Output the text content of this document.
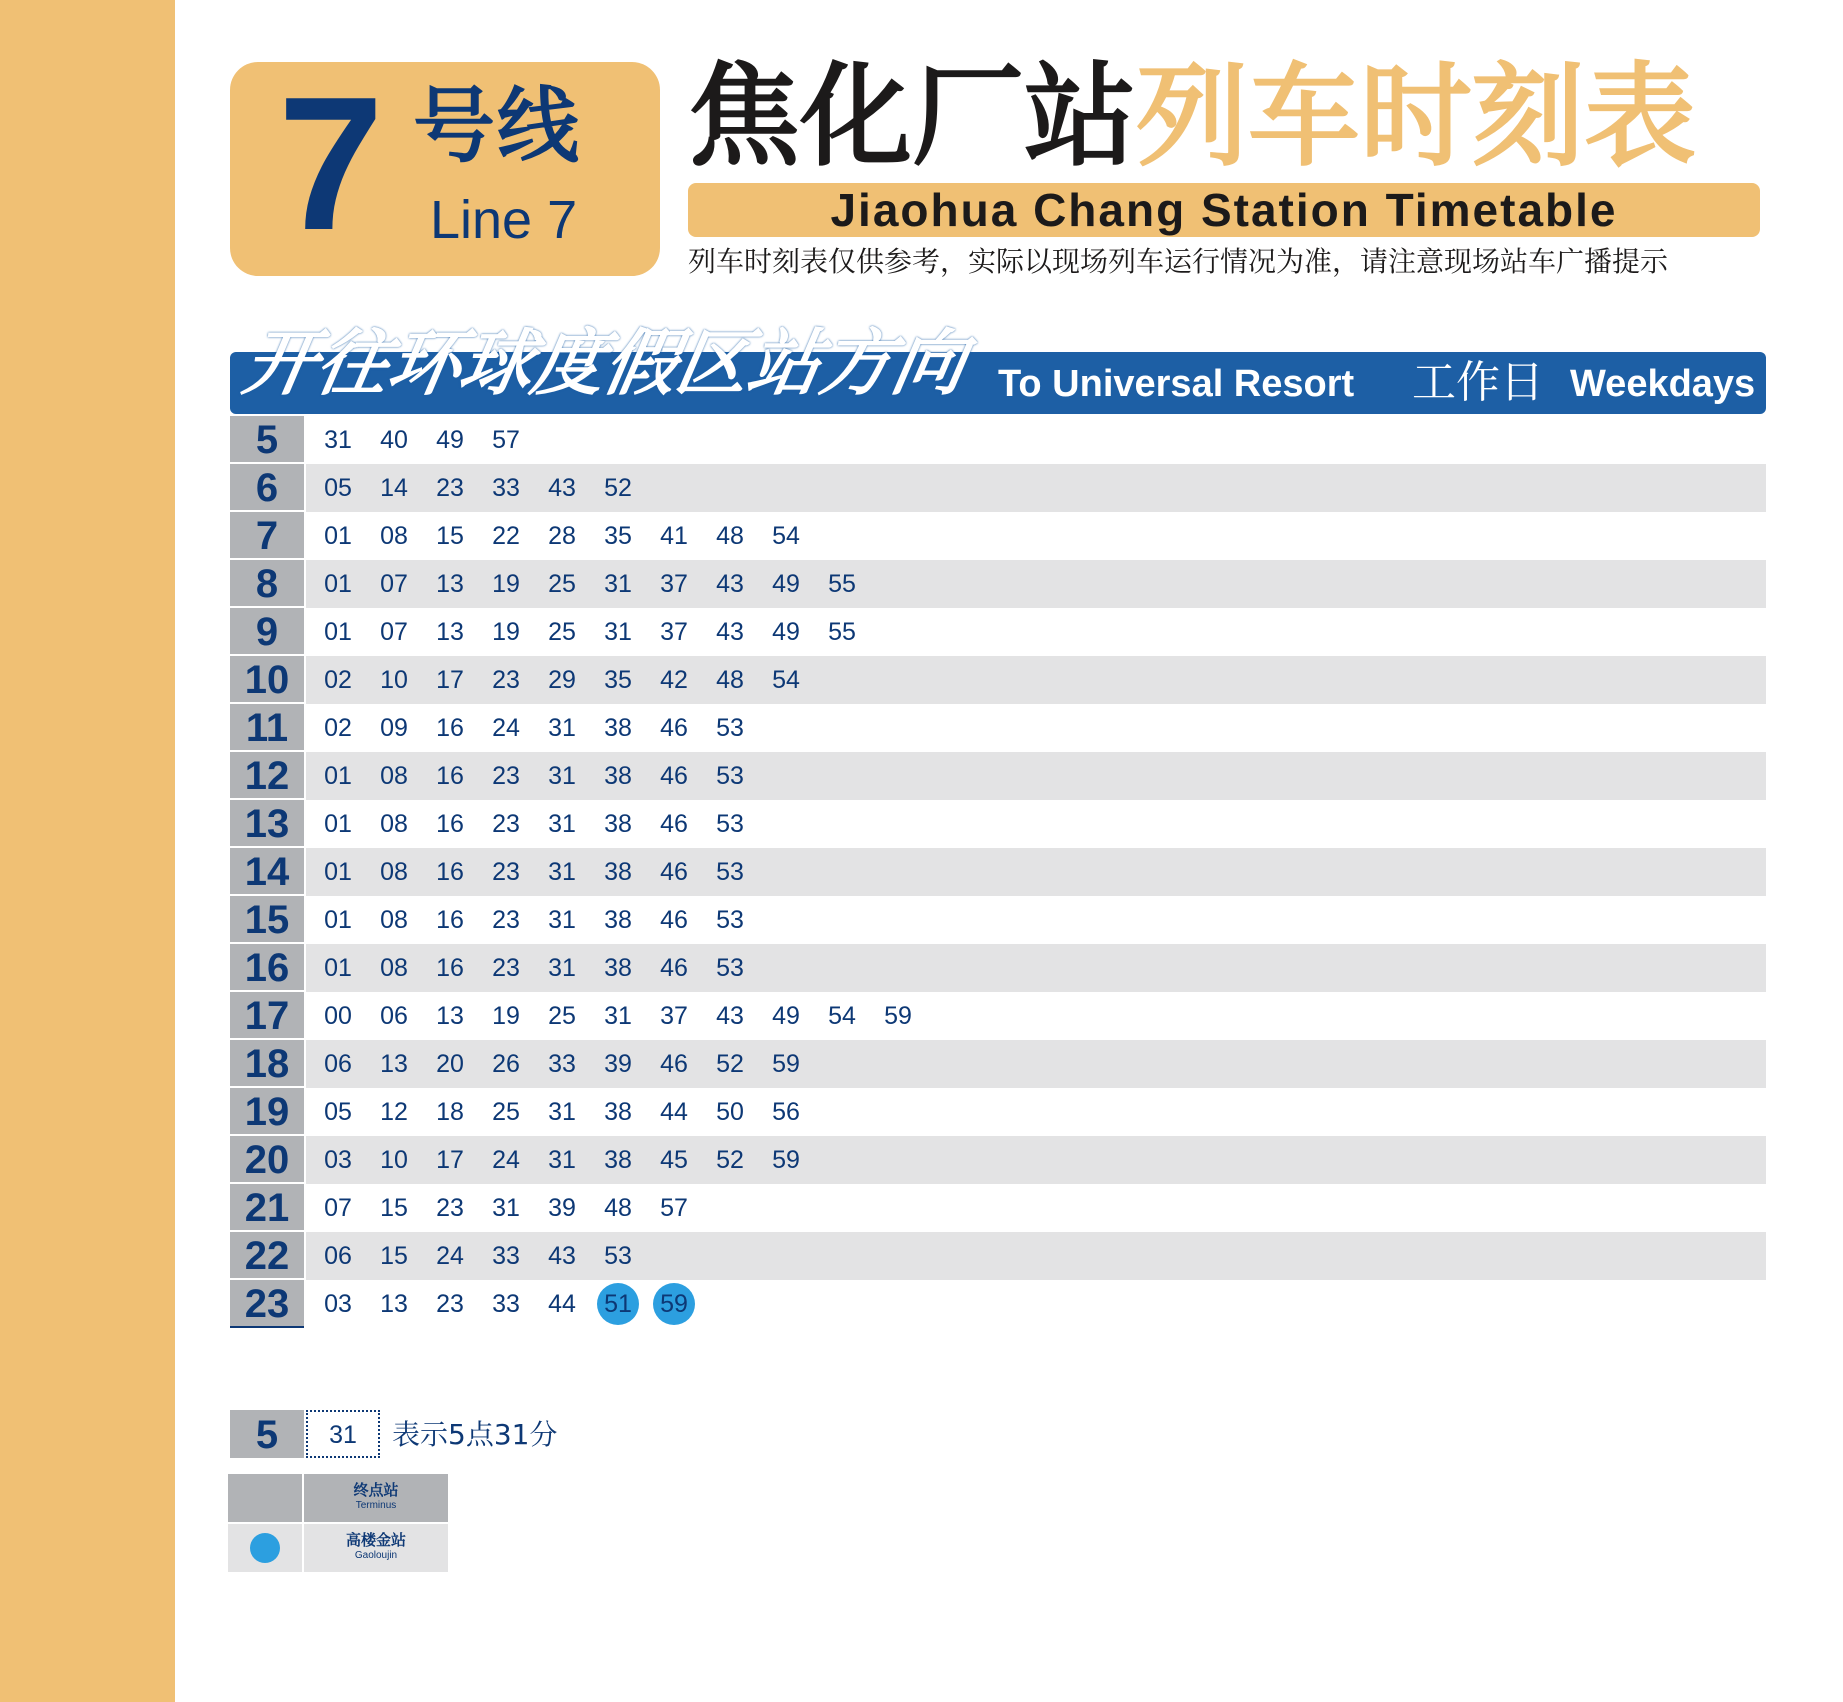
7 号线
Line 7
焦化厂站列车时刻表
Jiaohua Chang Station Timetable
列车时刻表仅供参考，实际以现场列车运行情况为准，请注意现场站车广播提示
开往环球度假区站方向 To Universal Resort 工作日 Weekdays
5	31	40	49	57
6	05	14	23	33	43	52
7	01	08	15	22	28	35	41	48	54
8	01	07	13	19	25	31	37	43	49	55
9	01	07	13	19	25	31	37	43	49	55
10	02	10	17	23	29	35	42	48	54
11	02	09	16	24	31	38	46	53
12	01	08	16	23	31	38	46	53
13	01	08	16	23	31	38	46	53
14	01	08	16	23	31	38	46	53
15	01	08	16	23	31	38	46	53
16	01	08	16	23	31	38	46	53
17	00	06	13	19	25	31	37	43	49	54	59
18	06	13	20	26	33	39	46	52	59
19	05	12	18	25	31	38	44	50	56
20	03	10	17	24	31	38	45	52	59
21	07	15	23	31	39	48	57
22	06	15	24	33	43	53
23	03	13	23	33	44	51	59
5	31	表示5点31分
终点站
Terminus
高楼金站
Gaoloujin
